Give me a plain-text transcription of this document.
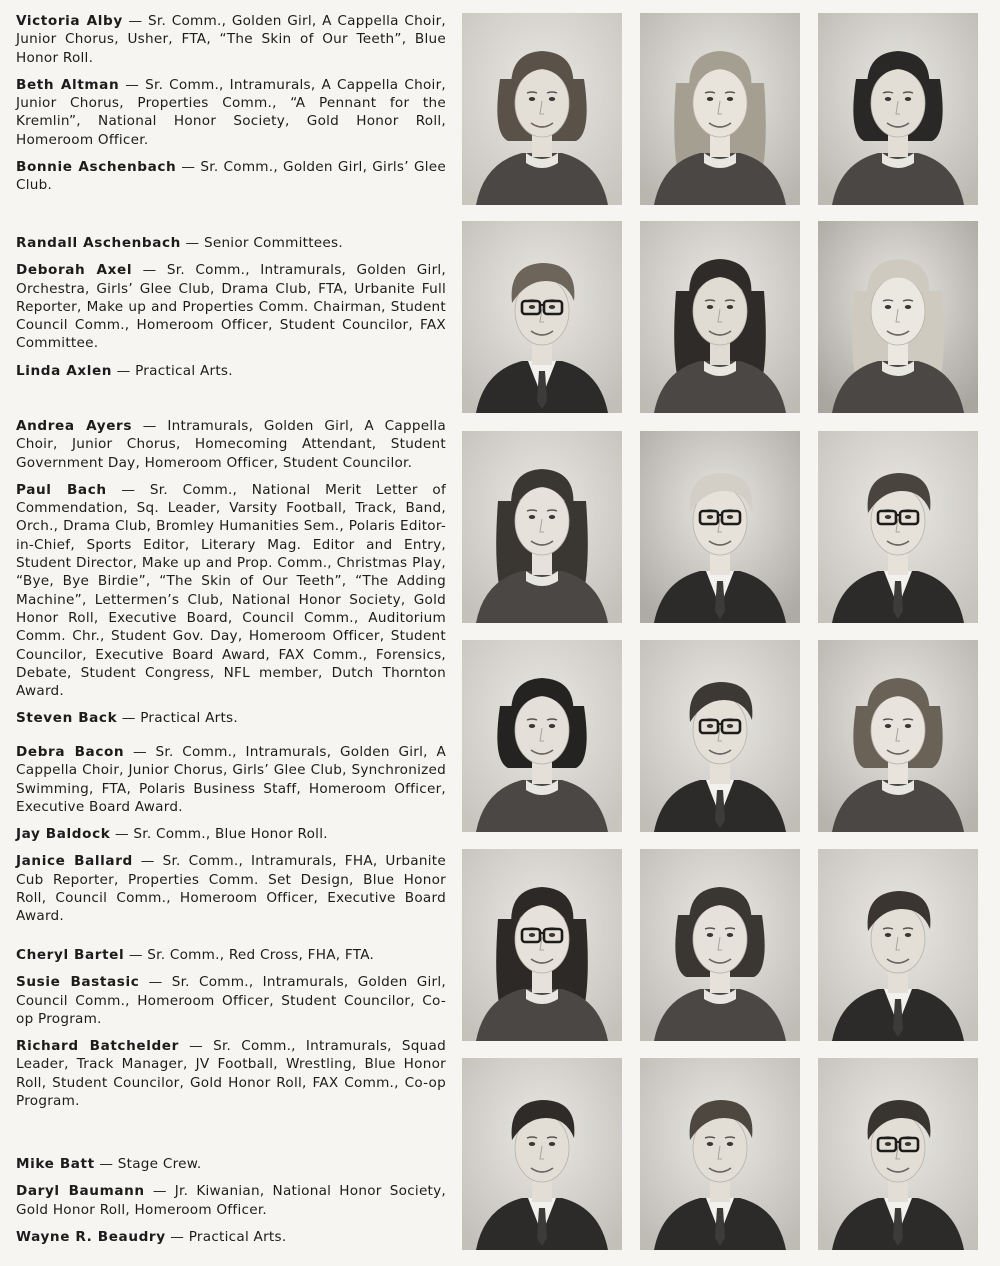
Victoria Alby — Sr. Comm., Golden Girl, A Cappella Choir, Junior Chorus, Usher, FTA, “The Skin of Our Teeth”, Blue Honor Roll.

Beth Altman — Sr. Comm., Intramurals, A Cappella Choir, Junior Chorus, Properties Comm., “A Pennant for the Kremlin”, National Honor Society, Gold Honor Roll, Homeroom Officer.

Bonnie Aschenbach — Sr. Comm., Golden Girl, Girls’ Glee Club.

Randall Aschenbach — Senior Committees.

Deborah Axel — Sr. Comm., Intramurals, Golden Girl, Orchestra, Girls’ Glee Club, Drama Club, FTA, Urbanite Full Reporter, Make up and Properties Comm. Chairman, Student Council Comm., Homeroom Officer, Student Councilor, FAX Committee.

Linda Axlen — Practical Arts.

Andrea Ayers — Intramurals, Golden Girl, A Cappella Choir, Junior Chorus, Homecoming Attendant, Student Government Day, Homeroom Officer, Student Councilor.

Paul Bach — Sr. Comm., National Merit Letter of Commendation, Sq. Leader, Varsity Football, Track, Band, Orch., Drama Club, Bromley Humanities Sem., Polaris Editor-in-Chief, Sports Editor, Literary Mag. Editor and Entry, Student Director, Make up and Prop. Comm., Christmas Play, “Bye, Bye Birdie”, “The Skin of Our Teeth”, “The Adding Machine”, Lettermen’s Club, National Honor Society, Gold Honor Roll, Executive Board, Council Comm., Auditorium Comm. Chr., Student Gov. Day, Homeroom Officer, Student Councilor, Executive Board Award, FAX Comm., Forensics, Debate, Student Congress, NFL member, Dutch Thornton Award.

Steven Back — Practical Arts.

Debra Bacon — Sr. Comm., Intramurals, Golden Girl, A Cappella Choir, Junior Chorus, Girls’ Glee Club, Synchronized Swimming, FTA, Polaris Business Staff, Homeroom Officer, Executive Board Award.

Jay Baldock — Sr. Comm., Blue Honor Roll.

Janice Ballard — Sr. Comm., Intramurals, FHA, Urbanite Cub Reporter, Properties Comm. Set Design, Blue Honor Roll, Council Comm., Homeroom Officer, Executive Board Award.

Cheryl Bartel — Sr. Comm., Red Cross, FHA, FTA.

Susie Bastasic — Sr. Comm., Intramurals, Golden Girl, Council Comm., Homeroom Officer, Student Councilor, Co-op Program.

Richard Batchelder — Sr. Comm., Intramurals, Squad Leader, Track Manager, JV Football, Wrestling, Blue Honor Roll, Student Councilor, Gold Honor Roll, FAX Comm., Co-op Program.

Mike Batt — Stage Crew.

Daryl Baumann — Jr. Kiwanian, National Honor Society, Gold Honor Roll, Homeroom Officer.

Wayne R. Beaudry — Practical Arts.
